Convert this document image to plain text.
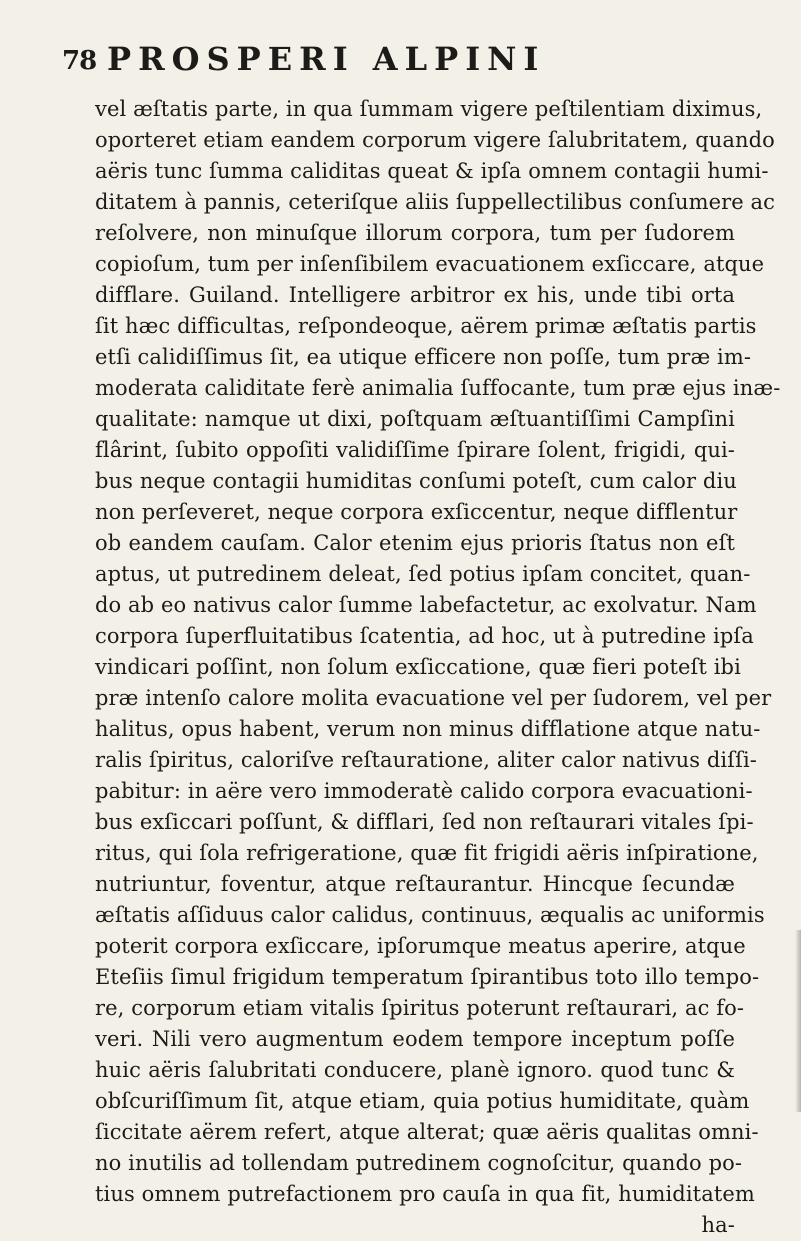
78 PROSPERI ALPINI
vel æſtatis parte, in qua ſummam vigere peſtilentiam diximus,
oporteret etiam eandem corporum vigere ſalubritatem, quando
aëris tunc ſumma caliditas queat & ipſa omnem contagii humi-
ditatem à pannis, ceteriſque aliis ſuppellectilibus conſumere ac
reſolvere, non minuſque illorum corpora, tum per ſudorem
copioſum, tum per inſenſibilem evacuationem exſiccare, atque
difflare. Guiland. Intelligere arbitror ex his, unde tibi orta
ſit hæc difficultas, reſpondeoque, aërem primæ æſtatis partis
etſi calidiſſimus ſit, ea utique efficere non poſſe, tum præ im-
moderata caliditate ferè animalia ſuffocante, tum præ ejus inæ-
qualitate: namque ut dixi, poſtquam æſtuantiſſimi Campſini
flârint, ſubito oppoſiti validiſſime ſpirare ſolent, frigidi, qui-
bus neque contagii humiditas conſumi poteſt, cum calor diu
non perſeveret, neque corpora exſiccentur, neque difflentur
ob eandem cauſam. Calor etenim ejus prioris ſtatus non eſt
aptus, ut putredinem deleat, ſed potius ipſam concitet, quan-
do ab eo nativus calor ſumme labefactetur, ac exolvatur. Nam
corpora ſuperfluitatibus ſcatentia, ad hoc, ut à putredine ipſa
vindicari poſſint, non ſolum exſiccatione, quæ fieri poteſt ibi
præ intenſo calore molita evacuatione vel per ſudorem, vel per
halitus, opus habent, verum non minus difflatione atque natu-
ralis ſpiritus, caloriſve reſtauratione, aliter calor nativus diſſi-
pabitur: in aëre vero immoderatè calido corpora evacuationi-
bus exſiccari poſſunt, & difflari, ſed non reſtaurari vitales ſpi-
ritus, qui ſola refrigeratione, quæ fit frigidi aëris inſpiratione,
nutriuntur, foventur, atque reſtaurantur. Hincque ſecundæ
æſtatis aſſiduus calor calidus, continuus, æqualis ac uniformis
poterit corpora exſiccare, ipſorumque meatus aperire, atque
Eteſiis ſimul frigidum temperatum ſpirantibus toto illo tempo-
re, corporum etiam vitalis ſpiritus poterunt reſtaurari, ac fo-
veri. Nili vero augmentum eodem tempore inceptum poſſe
huic aëris ſalubritati conducere, planè ignoro. quod tunc &
obſcuriſſimum ſit, atque etiam, quia potius humiditate, quàm
ſiccitate aërem refert, atque alterat; quæ aëris qualitas omni-
no inutilis ad tollendam putredinem cognoſcitur, quando po-
tius omnem putrefactionem pro cauſa in qua fit, humiditatem
ha-
